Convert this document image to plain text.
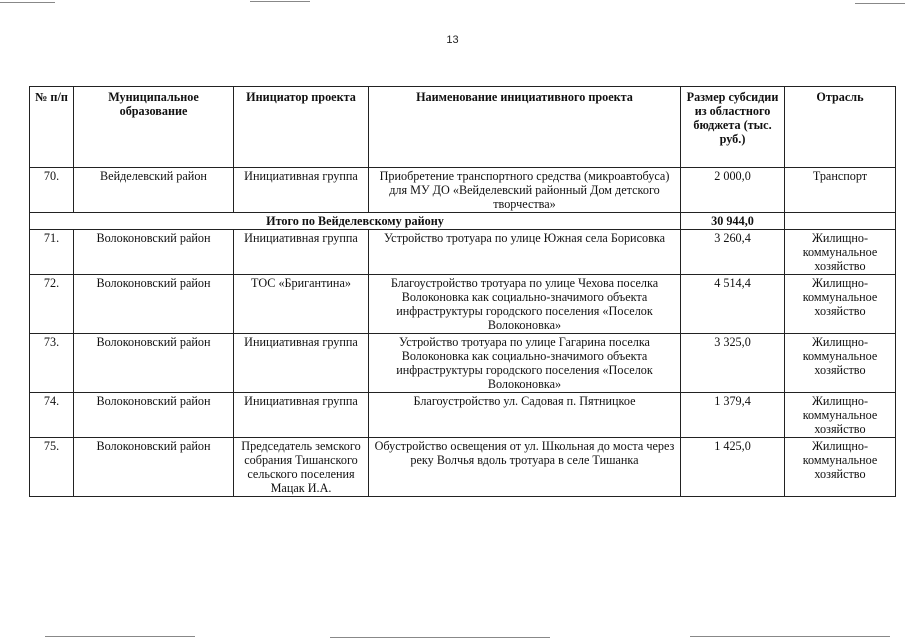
13
№ п/п	Муниципальное образование	Инициатор проекта	Наименование инициативного проекта	Размер субсидии из областного бюджета (тыс. руб.)	Отрасль
70.	Вейделевский район	Инициативная группа	Приобретение транспортного средства (микроавтобуса) для МУ ДО «Вейделевский районный Дом детского творчества»	2 000,0	Транспорт
Итого по Вейделевскому району				30 944,0	
71.	Волоконовский район	Инициативная группа	Устройство тротуара по улице Южная села Борисовка	3 260,4	Жилищно-коммунальное хозяйство
72.	Волоконовский район	ТОС «Бригантина»	Благоустройство тротуара по улице Чехова поселка Волоконовка как социально-значимого объекта инфраструктуры городского поселения «Поселок Волоконовка»	4 514,4	Жилищно-коммунальное хозяйство
73.	Волоконовский район	Инициативная группа	Устройство тротуара по улице Гагарина поселка Волоконовка как социально-значимого объекта инфраструктуры городского поселения «Поселок Волоконовка»	3 325,0	Жилищно-коммунальное хозяйство
74.	Волоконовский район	Инициативная группа	Благоустройство ул. Садовая п. Пятницкое	1 379,4	Жилищно-коммунальное хозяйство
75.	Волоконовский район	Председатель земского собрания Тишанского сельского поселения Мацак И.А.	Обустройство освещения от ул. Школьная до моста через реку Волчья вдоль тротуара в селе Тишанка	1 425,0	Жилищно-коммунальное хозяйство
